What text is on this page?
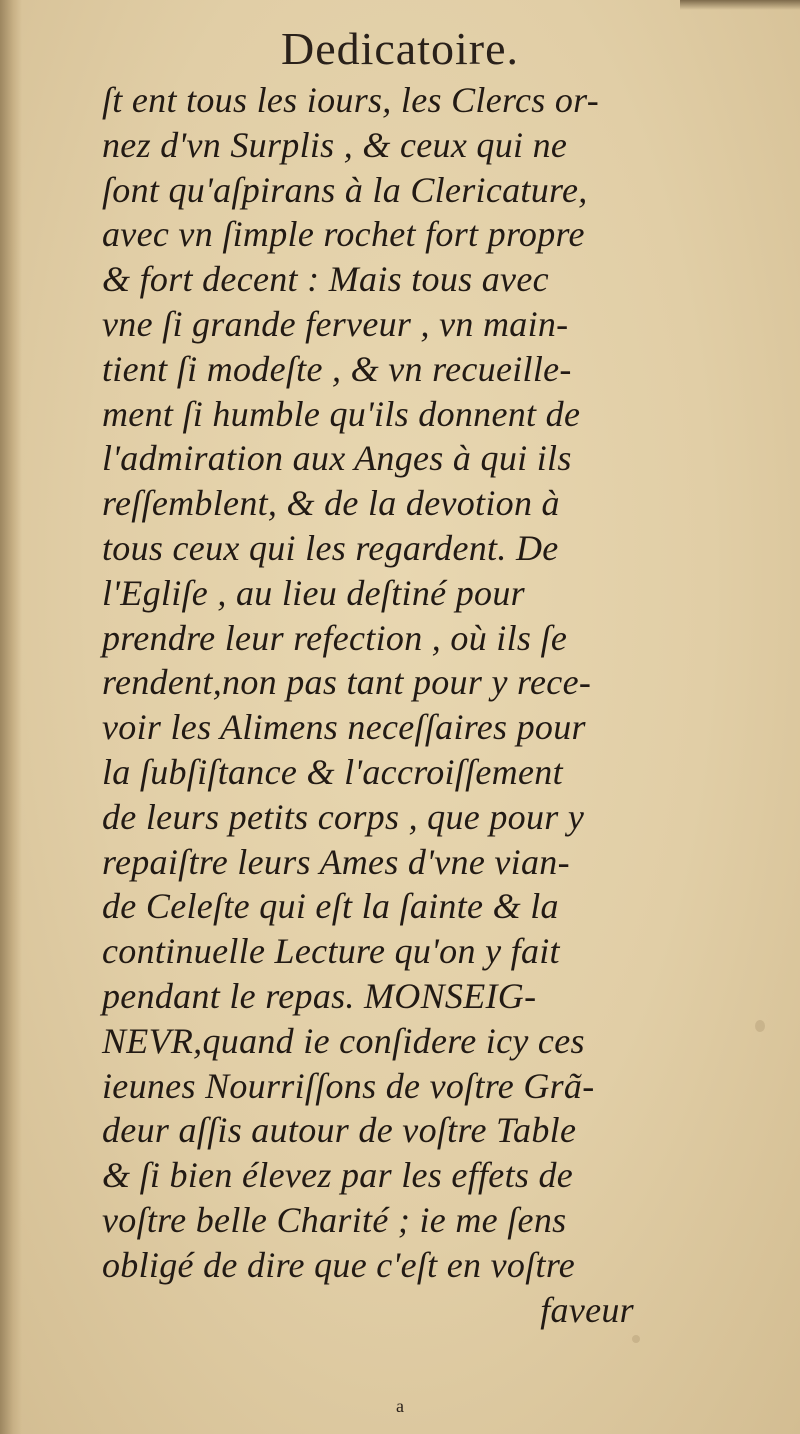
Dedicatoire.
ſt ent tous les iours, les Clercs or-
nez d'vn Surplis , & ceux qui ne
ſont qu'aſpirans à la Clericature,
avec vn ſimple rochet fort propre
& fort decent : Mais tous avec
vne ſi grande ferveur , vn main-
tient ſi modeſte , & vn recueille-
ment ſi humble qu'ils donnent de
l'admiration aux Anges à qui ils
reſſemblent, & de la devotion à
tous ceux qui les regardent. De
l'Egliſe , au lieu deſtiné pour
prendre leur refection , où ils ſe
rendent,non pas tant pour y rece-
voir les Alimens neceſſaires pour
la ſubſiſtance & l'accroiſſement
de leurs petits corps , que pour y
repaiſtre leurs Ames d'vne vian-
de Celeſte qui eſt la ſainte & la
continuelle Lecture qu'on y fait
pendant le repas. MONSEIG-
NEVR,quand ie conſidere icy ces
ieunes Nourriſſons de voſtre Grã-
deur aſſis autour de voſtre Table
& ſi bien élevez par les effets de
voſtre belle Charité ; ie me ſens
obligé de dire que c'eſt en voſtre
faveur
a
